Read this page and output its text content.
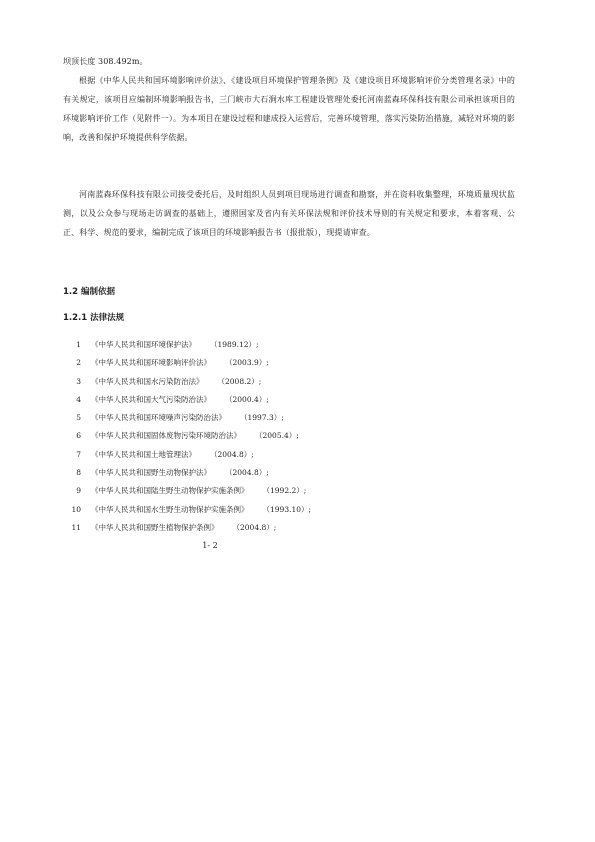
坝顶长度 308.492m。
根据《中华人民共和国环境影响评价法》、《建设项目环境保护管理条例》及《建设项目环境影响评价分类管理名录》中的有关规定，该项目应编制环境影响报告书，三门峡市大石涧水库工程建设管理处委托河南蓝森环保科技有限公司承担该项目的环境影响评价工作（见附件一）。为本项目在建设过程和建成投入运营后，完善环境管理，落实污染防治措施，减轻对环境的影响，改善和保护环境提供科学依据。
河南蓝森环保科技有限公司接受委托后，及时组织人员到项目现场进行调查和勘察，并在资料收集整理，环境质量现状监测，以及公众参与现场走访调查的基础上，遵照国家及省内有关环保法规和评价技术导则的有关规定和要求，本着客观、公正、科学、规范的要求，编制完成了该项目的环境影响报告书（报批版），现提请审查。
1.2 编制依据
1.2.1 法律法规
1 《中华人民共和国环境保护法》 （1989.12）;
2 《中华人民共和国环境影响评价法》 （2003.9）;
3 《中华人民共和国水污染防治法》 （2008.2）;
4 《中华人民共和国大气污染防治法》 （2000.4）;
5 《中华人民共和国环境噪声污染防治法》 （1997.3）;
6 《中华人民共和国固体废物污染环境防治法》 （2005.4）;
7 《中华人民共和国土地管理法》 （2004.8）;
8 《中华人民共和国野生动物保护法》 （2004.8）;
9 《中华人民共和国陆生野生动物保护实施条例》 （1992.2）;
10 《中华人民共和国水生野生动物保护实施条例》 （1993.10）;
11 《中华人民共和国野生植物保护条例》 （2004.8）;
1- 2
